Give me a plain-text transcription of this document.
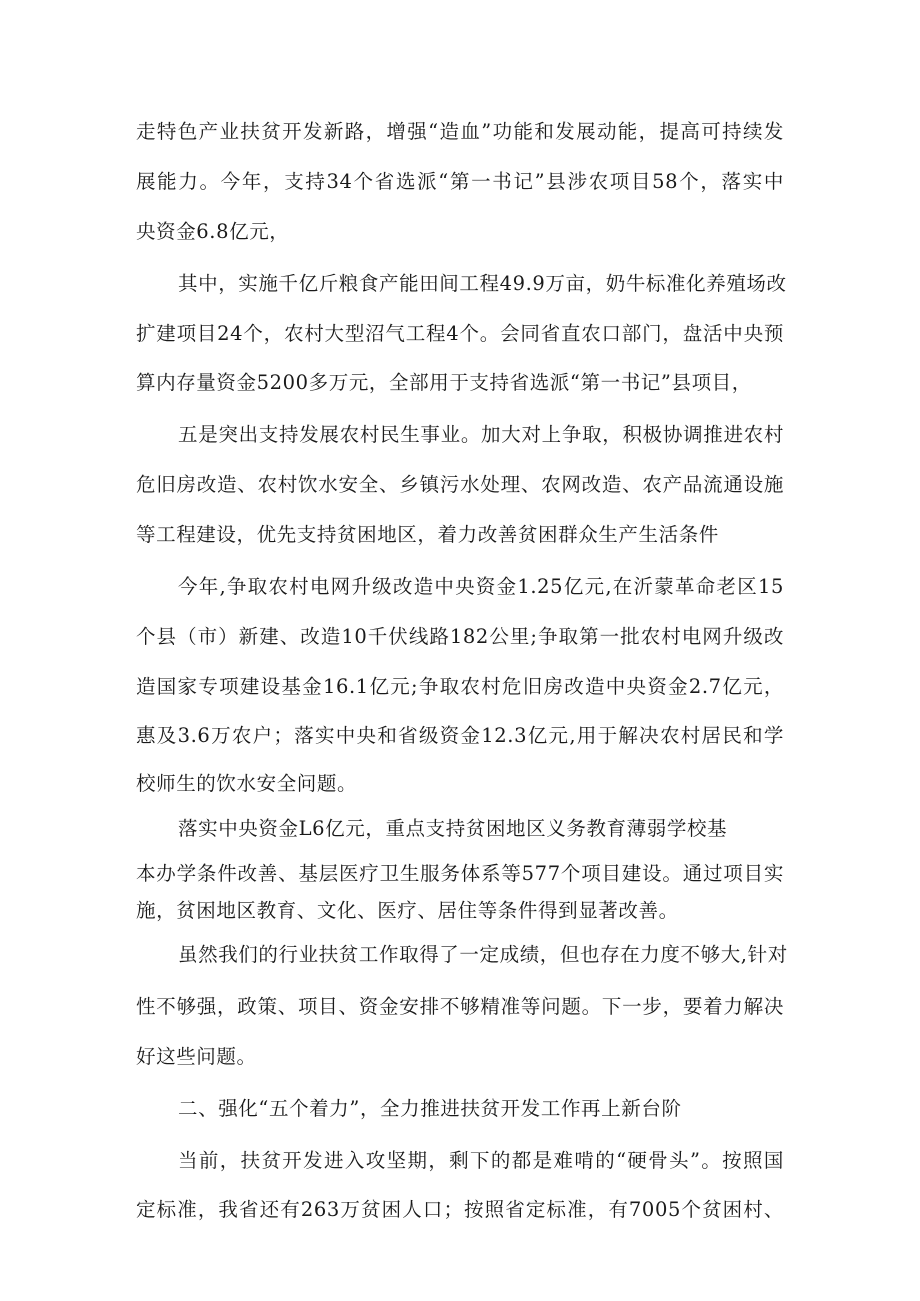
走特色产业扶贫开发新路，增强“造血”功能和发展动能，提高可持续发
展能力。今年，支持34个省选派“第一书记”县涉农项目58个，落实中
央资金6.8亿元，
其中，实施千亿斤粮食产能田间工程49.9万亩，奶牛标准化养殖场改
扩建项目24个，农村大型沼气工程4个。会同省直农口部门，盘活中央预
算内存量资金5200多万元，全部用于支持省选派“第一书记”县项目，
五是突出支持发展农村民生事业。加大对上争取，积极协调推进农村
危旧房改造、农村饮水安全、乡镇污水处理、农网改造、农产品流通设施
等工程建设，优先支持贫困地区，着力改善贫困群众生产生活条件
今年,争取农村电网升级改造中央资金1.25亿元,在沂蒙革命老区15
个县（市）新建、改造10千伏线路182公里;争取第一批农村电网升级改
造国家专项建设基金16.1亿元;争取农村危旧房改造中央资金2.7亿元，
惠及3.6万农户；落实中央和省级资金12.3亿元,用于解决农村居民和学
校师生的饮水安全问题。
落实中央资金L6亿元，重点支持贫困地区义务教育薄弱学校基
本办学条件改善、基层医疗卫生服务体系等577个项目建设。通过项目实
施，贫困地区教育、文化、医疗、居住等条件得到显著改善。
虽然我们的行业扶贫工作取得了一定成绩，但也存在力度不够大,针对
性不够强，政策、项目、资金安排不够精准等问题。下一步，要着力解决
好这些问题。
二、强化“五个着力”，全力推进扶贫开发工作再上新台阶
当前，扶贫开发进入攻坚期，剩下的都是难啃的“硬骨头”。按照国
定标准，我省还有263万贫困人口；按照省定标准，有7005个贫困村、
